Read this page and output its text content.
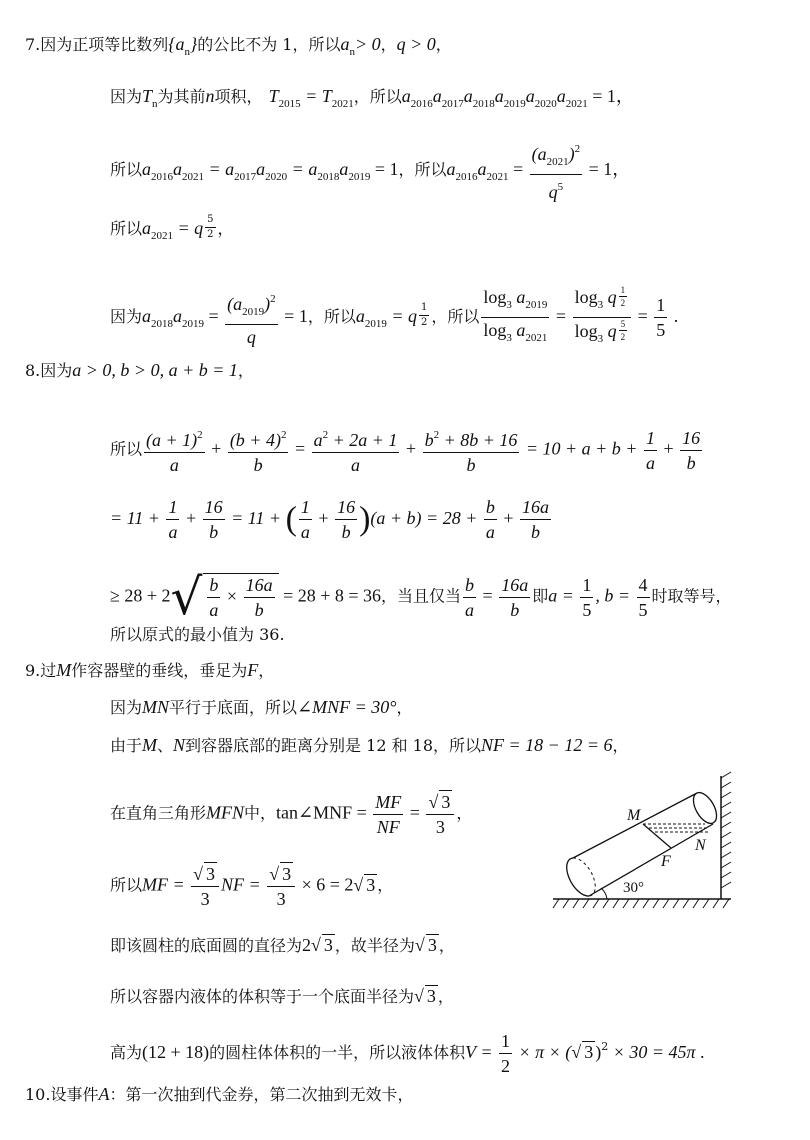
7.因为正项等比数列$\{a_n\}$的公比不为 1，所以$a_n> 0$，q > 0，
因为$T_n$为其前n项积， $T_{2015} = T_{2021}$，所以$a_{2016}a_{2017}a_{2018}a_{2019}a_{2020}a_{2021} = 1$，
所以$a_{2016}a_{2021} = a_{2017}a_{2020} = a_{2018}a_{2019} = 1$，所以$a_{2016}a_{2021} = \frac{(a_{2021})^2}{q^5} = 1$，
所以$a_{2021} = q \frac{5}{2}$ ，
因为$a_{2018}a_{2019} = \frac{(a_{2019})^2}{q} = 1$，所以$a_{2019} = q \frac{1}{2}$ ，所以 $\frac{\log_3 a_{2019}}{\log_3 a_{2021}} = \frac{\log_3 q \frac{1}{2}}{\log_3 q \frac{5}{2}} = \frac{1}{5}$ .
8.因为a > 0, b > 0, a + b = 1，
所以 $\frac{(a + 1)^2}{a} + \frac{(b + 4)^2}{b} = \frac{a^2 + 2a + 1}{a} + \frac{b^2 + 8b + 16}{b} = 10 + a + b + \frac{1}{a} + \frac{16}{b}$
= $11 + \frac{1}{a} + \frac{16}{b} = 11$ + ( $\frac{1}{a} + \frac{16}{b} )(a + b) = 28 + \frac{b}{a} + \frac{16a}{b}$
≥ $28 + 2√ \frac{b}{a} \times \frac{16a}{b} = 28 + 8 = 36$，当且仅当 $\frac{b}{a} = \frac{16a}{b}$ 即$a = \frac{1}{5}$ , $b = \frac{4}{5}$ 时取等号，
所以原式的最小值为 36.
9.过M作容器壁的垂线，垂足为F，
因为MN平行于底面，所以∠MNF = 30°，
由于M、N到容器底部的距离分别是 12 和 18，所以NF = 18 − 12 = 6，
在直角三角形MFN中，tan∠MNF = $\frac{MF}{NF} = \frac{√ 3}{3}$ ，
所以MF = $\frac{√ 3}{3}$ NF = $\frac{√ 3}{3} \times 6 = 2√$ 3 ，
即该圆柱的底面圆的直径为2√ 3 ，故半径为√ 3 ，
所以容器内液体的体积等于一个底面半径为√ 3 ，
高为(12 + 18)的圆柱体体积的一半，所以液体体积$V = \frac{1}{2} \times \pi$ × (√ 3 )$^2$ × 30 = 45π .
M
N
F
30°
10.设事件A：第一次抽到代金券，第二次抽到无效卡，
